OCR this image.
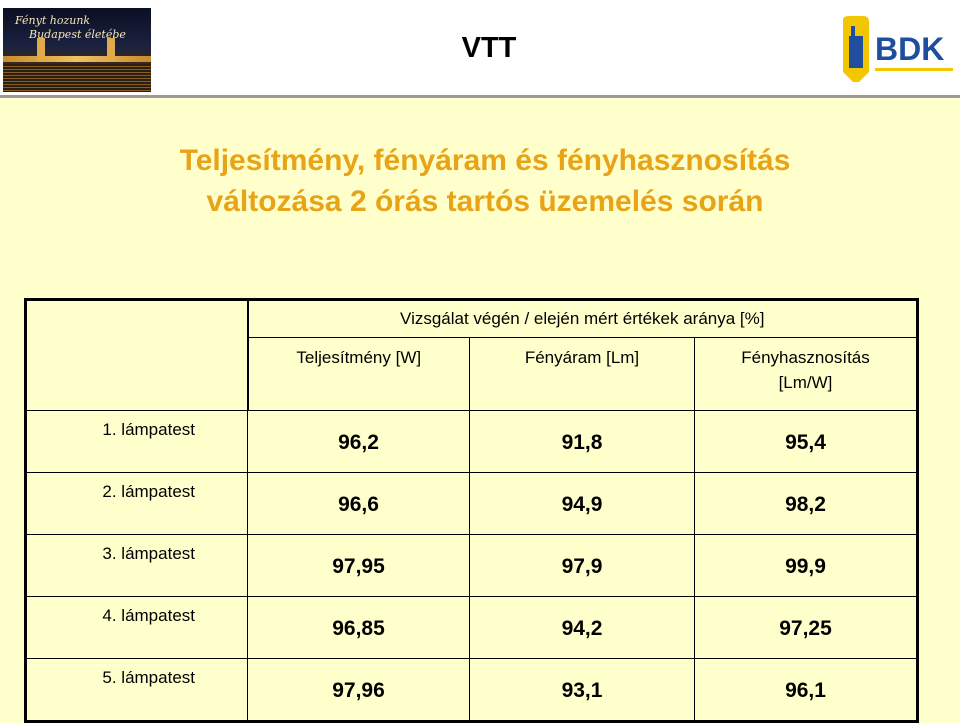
Fényt hozunk
Budapest életébe	VTT	BDK
Teljesítmény, fényáram és fényhasznosítás
változása 2 órás tartós üzemelés során
	Vizsgálat végén / elején mért értékek aránya [%]		
	Teljesítmény [W]	Fényáram [Lm]	Fényhasznosítás [Lm/W]
1. lámpatest	96,2	91,8	95,4
2. lámpatest	96,6	94,9	98,2
3. lámpatest	97,95	97,9	99,9
4. lámpatest	96,85	94,2	97,25
5. lámpatest	97,96	93,1	96,1
